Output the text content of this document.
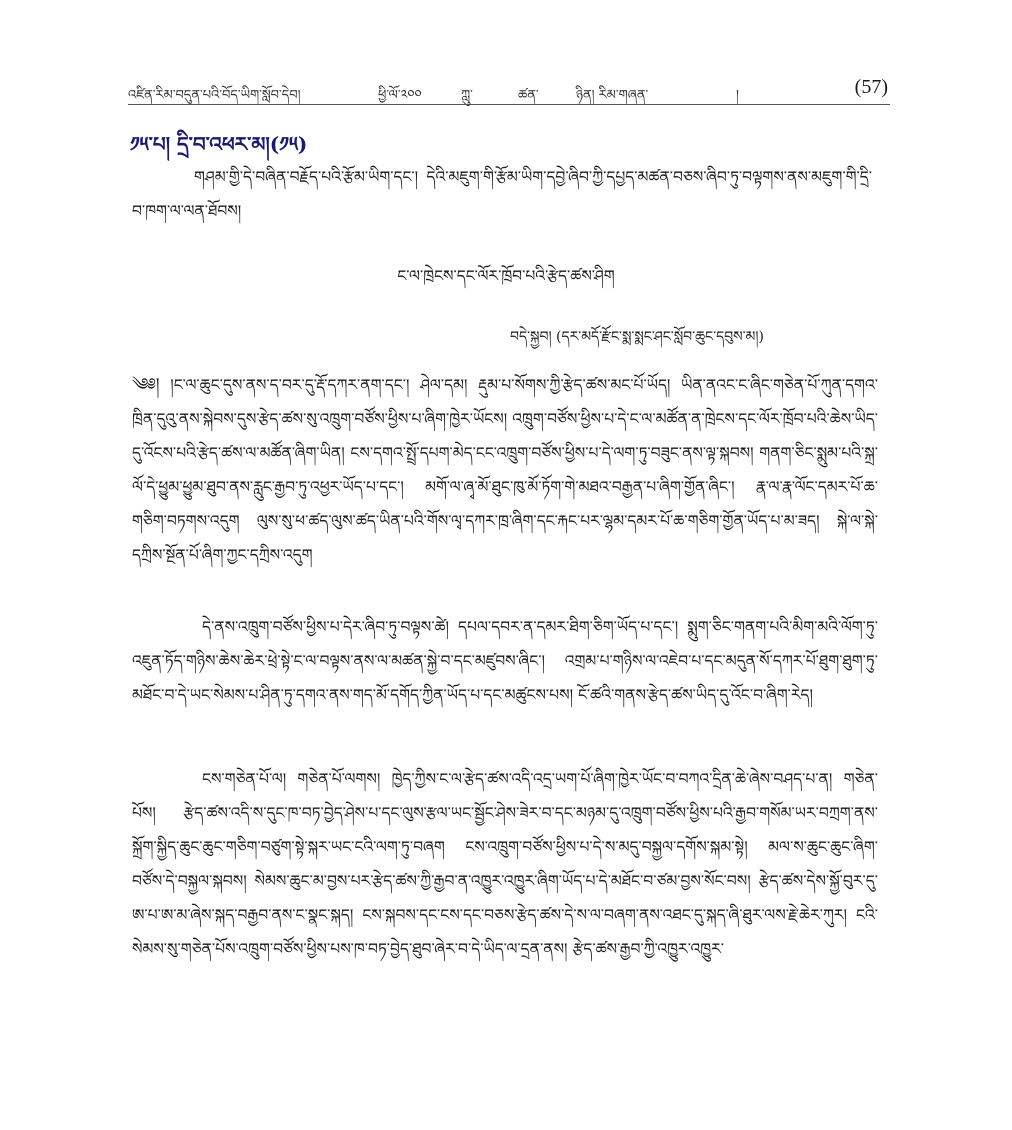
འཛིན་རིམ་བདུན་པའི་བོད་ཡིག་སློབ་དེབ།	ཕྱི་ལོ་༢༠༠	ཀླུ་	ཚན་	ཉིན། རིམ་གཞན་	།	(57)
༡༥་པ། དྲི་བ་འཕར་མ།(༡༥)
གཤམ་གྱི་དེ་བཞིན་བརྗོད་པའི་རྩོམ་ཡིག་དང་། དེའི་མཇུག་གི་རྩོམ་ཡིག་དབྱེ་ཞིབ་ཀྱི་དཔྱད་མཚན་བཅས་ཞིབ་ཏུ་བལྟགས་ནས་མཇུག་གི་དྲི་བ་ཁག་ལ་ལན་ཐོབས།
ང་ལ་ཁྲེངས་དང་ལོར་ཁྲོབ་པའི་རྩེད་ཚས་ཤིག
བདེ་སྐྱབ། (དར་མདོ་རྫོང་སྨ་སྨང་ཤང་སློབ་ཆུང་དབུས་མ།)
༄༅། །ང་ལ་ཆུང་དུས་ནས་ད་བར་དུ་རྡོ་དཀར་ནག་དང་། ཤེལ་དམ། རྡུམ་པ་སོགས་ཀྱི་རྩེད་ཚས་མང་པོ་ཡོད། ཡིན་ནའང་ང་ཞིང་གཅེན་པོ་ཀུན་དགའ་ཁྲིན་དུའུ་ནས་སྐེབས་དུས་རྩེད་ཚས་སུ་འཁྲུག་བཙོས་ཕྱིས་པ་ཞིག་ཁྱེར་ཡོངས། འཁྲུག་བཙོས་ཕྱིས་པ་དེ་ང་ལ་མཚོན་ན་ཁྲེངས་དང་ལོར་ཁྲོབ་པའི་ཆེས་ཡིད་དུ་འོངས་པའི་རྩེད་ཚས་ལ་མཚོན་ཞིག་ཡིན། ངས་དགའ་སྤྲོ་དཔག་མེད་ངང་འཁྲུག་བཙོས་ཕྱིས་པ་དེ་ལག་ཏུ་བཟུང་ནས་ལྟ་སྐབས། གནག་ཅིང་སྨུམ་པའི་སྐྲ་ལོ་དེ་ཕྱུམ་ཕྱུམ་ཐུབ་ནས་རླུང་རྒྱབ་ཏུ་འཕྱར་ཡོད་པ་དང་། མགོ་ལ་ཞྭ་མོ་ཐུང་ཁུ་མོ་ཏོག་གེ་མཐའ་བརྒྱན་པ་ཞིག་གྱོན་ཞིང་། རྣ་ལ་རྣ་ལོང་དམར་པོ་ཆ་གཅིག་བཏགས་འདུག ལུས་སུ་ཕ་ཚད་ལུས་ཚད་ཡིན་པའི་གོས་ལྭ་དཀར་ཁྲ་ཞིག་དང་རྐང་པར་ལྷམ་དམར་པོ་ཆ་གཅིག་གྱོན་ཡོད་པ་མ་ཟད། སྐེ་ལ་སྐེ་དཀྲིས་སྔོན་པོ་ཞིག་ཀྱང་དཀྲིས་འདུག
དེ་ནས་འཁྲུག་བཙོས་ཕྱིས་པ་དེར་ཞིབ་ཏུ་བལྟས་ཚེ། དཔལ་དབར་ན་དམར་ཐིག་ཅིག་ཡོད་པ་དང་། སྨུག་ཅིང་གནག་པའི་མིག་མའི་ལོག་ཏུ་འཇུན་ཏོད་གཉིས་ཆེས་ཆེར་ཕྲེ་སྟེ་ང་ལ་བལྟས་ནས་ལ་མཚན་སྐྱེ་བ་དང་མཛུབས་ཞིང་། འགྲམ་པ་གཉིས་ལ་འཇེབ་པ་དང་མདུན་སོ་དཀར་པོ་ཐུག་ཐུག་ཏུ་མཐོང་བ་དེ་ཡང་སེམས་པ་ཤིན་ཏུ་དགའ་ནས་གད་མོ་དགོད་ཀྱིན་ཡོད་པ་དང་མཚུངས་པས། ངོ་ཚའི་གནས་རྩེད་ཚས་ཡིད་དུ་འོང་བ་ཞིག་རེད།
ངས་གཅེན་པོ་ལ། གཅེན་པོ་ལགས། ཁྱེད་ཀྱིས་ང་ལ་རྩེད་ཚས་འདི་འདྲ་ཡག་པོ་ཞིག་ཁྱེར་ཡོང་བ་བཀའ་དྲིན་ཆེ་ཞེས་བཤད་པ་ན། གཅེན་པོས། རྩེད་ཚས་འདི་ས་དུང་ཁ་བཏ་བྱེད་ཤེས་པ་དང་ལུས་རྩལ་ཡང་སྦྱོང་ཤེས་ཟེར་བ་དང་མཉམ་དུ་འཁྲུག་བཙོས་ཕྱིས་པའི་རྒྱབ་གསོམ་ཡར་བཀྲག་ནས་སྐྲོག་སྐྱིད་ཆུང་ཆུང་གཅིག་བཙུག་སྟེ་སྐར་ཡང་ངའི་ལག་ཏུ་བཞག ངས་འཁྲུག་བཙོས་ཕྱིས་པ་དེ་ས་མདུ་བསྐྱལ་དགོས་སྐམ་སྟེ། མལ་ས་ཆུང་ཆུང་ཞིག་བཙོས་དེ་བསྐྱལ་སྐབས། སེམས་ཆུང་མ་བྱས་པར་རྩེད་ཚས་ཀྱི་རྒྱབ་ན་འཁྱུར་འཁྱུར་ཞིག་ཡོད་པ་དེ་མཐོང་བ་ཙམ་བྱས་སོང་བས། རྩེད་ཚས་དེས་སྐྱོ་བུར་དུ་ཨ་པ་ཨ་མ་ཞེས་སྐད་བརྒྱབ་ནས་ང་སྣང་སྐད། ངས་སྐབས་དང་ངས་དང་བཅས་རྩེད་ཚས་དེ་ས་ལ་བཞག་ནས་འཐང་དུ་སྐད་ཞི་ཐུར་ལས་རྗེ་ཆེར་ཀུར། ངའི་སེམས་སུ་གཅེན་པོས་འཁྲུག་བཙོས་ཕྱིས་པས་ཁ་བཏ་བྱེད་ཐུབ་ཞེར་བ་དེ་ཡིད་ལ་དྲན་ནས། རྩེད་ཚས་རྒྱབ་ཀྱི་འཁྱུར་འཁྱུར་
